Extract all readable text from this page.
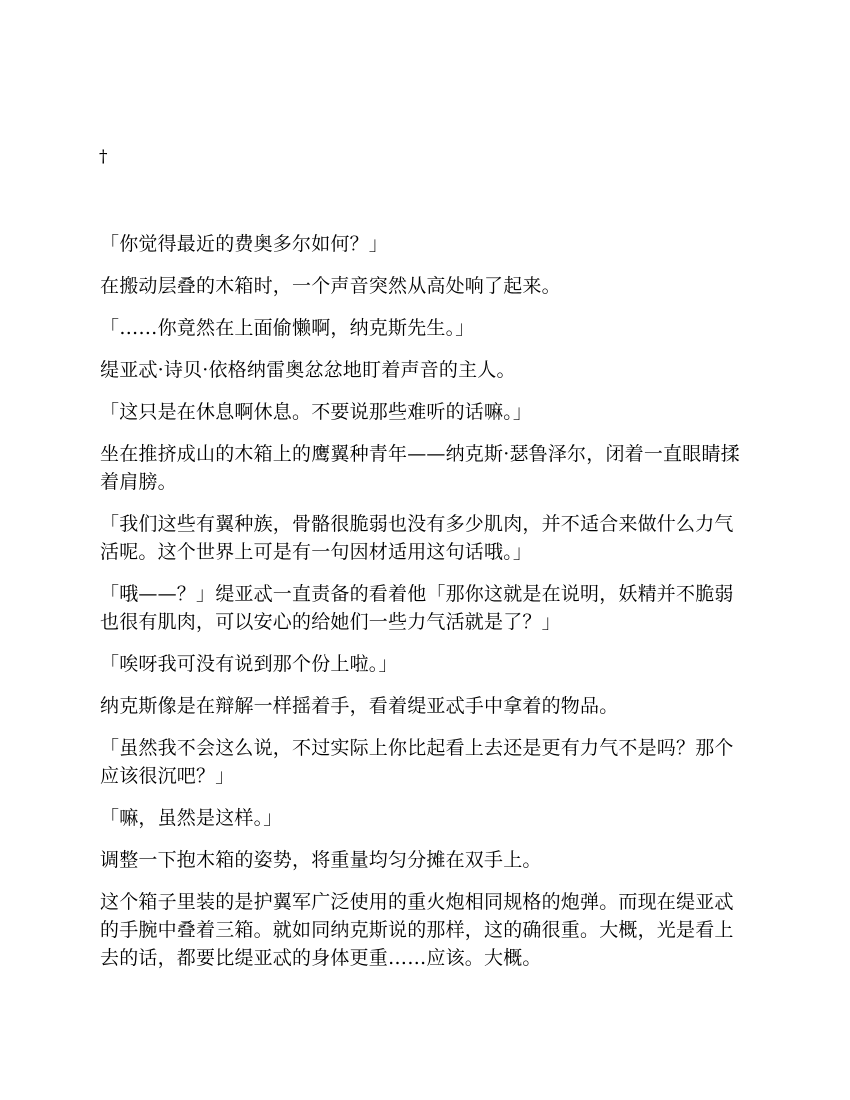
†

「你觉得最近的费奥多尔如何？」

在搬动层叠的木箱时，一个声音突然从高处响了起来。

「……你竟然在上面偷懒啊，纳克斯先生。」

缇亚忒·诗贝·依格纳雷奥忿忿地盯着声音的主人。

「这只是在休息啊休息。不要说那些难听的话嘛。」

坐在推挤成山的木箱上的鹰翼种青年——纳克斯·瑟鲁泽尔，闭着一直眼睛揉着肩膀。

「我们这些有翼种族，骨骼很脆弱也没有多少肌肉，并不适合来做什么力气活呢。这个世界上可是有一句因材适用这句话哦。」

「哦——？」缇亚忒一直责备的看着他「那你这就是在说明，妖精并不脆弱也很有肌肉，可以安心的给她们一些力气活就是了？」

「唉呀我可没有说到那个份上啦。」

纳克斯像是在辩解一样摇着手，看着缇亚忒手中拿着的物品。

「虽然我不会这么说，不过实际上你比起看上去还是更有力气不是吗？那个应该很沉吧？」

「嘛，虽然是这样。」

调整一下抱木箱的姿势，将重量均匀分摊在双手上。

这个箱子里装的是护翼军广泛使用的重火炮相同规格的炮弹。而现在缇亚忒的手腕中叠着三箱。就如同纳克斯说的那样，这的确很重。大概，光是看上去的话，都要比缇亚忒的身体更重……应该。大概。
